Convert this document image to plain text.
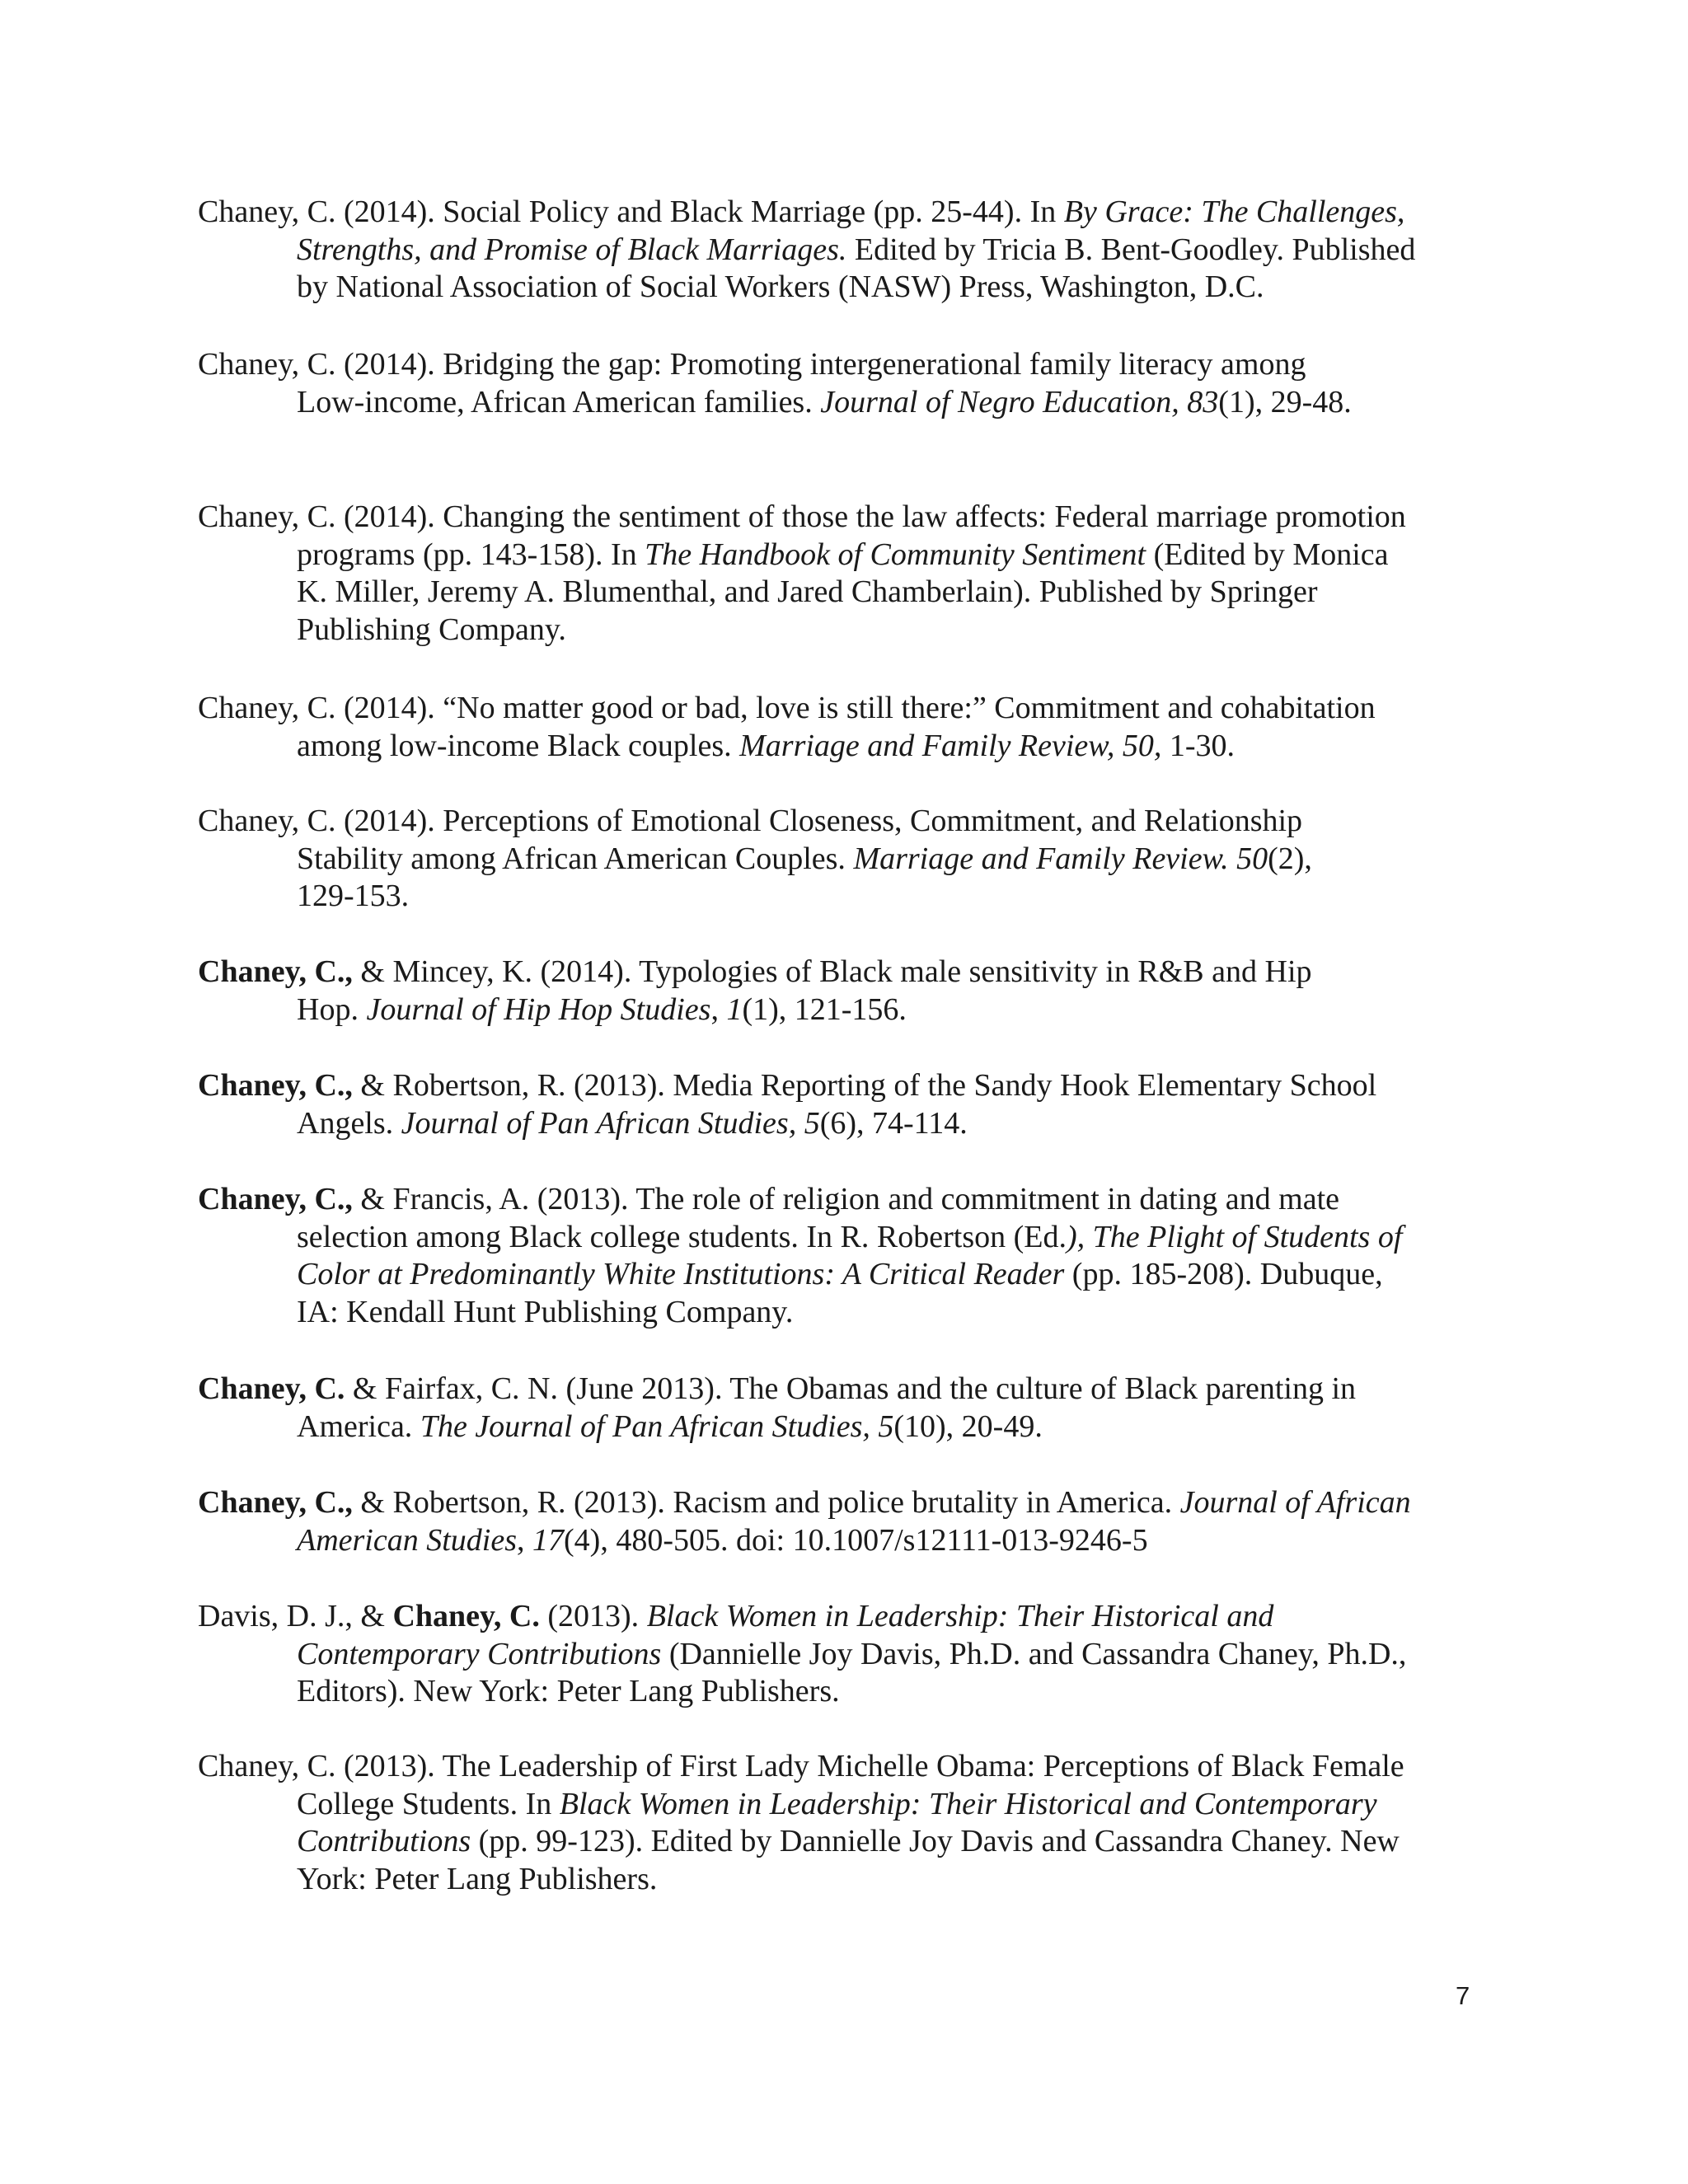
Chaney, C. (2014). Social Policy and Black Marriage (pp. 25-44). In By Grace: The Challenges,
Strengths, and Promise of Black Marriages. Edited by Tricia B. Bent-Goodley. Published
by National Association of Social Workers (NASW) Press, Washington, D.C.
Chaney, C. (2014). Bridging the gap: Promoting intergenerational family literacy among
Low-income, African American families. Journal of Negro Education, 83(1), 29-48.
Chaney, C. (2014). Changing the sentiment of those the law affects: Federal marriage promotion
programs (pp. 143-158). In The Handbook of Community Sentiment (Edited by Monica
K. Miller, Jeremy A. Blumenthal, and Jared Chamberlain). Published by Springer
Publishing Company.
Chaney, C. (2014). “No matter good or bad, love is still there:” Commitment and cohabitation
among low-income Black couples. Marriage and Family Review, 50, 1-30.
Chaney, C. (2014). Perceptions of Emotional Closeness, Commitment, and Relationship
Stability among African American Couples. Marriage and Family Review. 50(2),
129-153.
Chaney, C., & Mincey, K. (2014). Typologies of Black male sensitivity in R&B and Hip
Hop. Journal of Hip Hop Studies, 1(1), 121-156.
Chaney, C., & Robertson, R. (2013). Media Reporting of the Sandy Hook Elementary School
Angels. Journal of Pan African Studies, 5(6), 74-114.
Chaney, C., & Francis, A. (2013). The role of religion and commitment in dating and mate
selection among Black college students. In R. Robertson (Ed.), The Plight of Students of
Color at Predominantly White Institutions: A Critical Reader (pp. 185-208). Dubuque,
IA: Kendall Hunt Publishing Company.
Chaney, C. & Fairfax, C. N. (June 2013). The Obamas and the culture of Black parenting in
America. The Journal of Pan African Studies, 5(10), 20-49.
Chaney, C., & Robertson, R. (2013). Racism and police brutality in America. Journal of African
American Studies, 17(4), 480-505. doi: 10.1007/s12111-013-9246-5
Davis, D. J., & Chaney, C. (2013). Black Women in Leadership: Their Historical and
Contemporary Contributions (Dannielle Joy Davis, Ph.D. and Cassandra Chaney, Ph.D.,
Editors). New York: Peter Lang Publishers.
Chaney, C. (2013). The Leadership of First Lady Michelle Obama: Perceptions of Black Female
College Students. In Black Women in Leadership: Their Historical and Contemporary
Contributions (pp. 99-123). Edited by Dannielle Joy Davis and Cassandra Chaney. New
York: Peter Lang Publishers.
7
